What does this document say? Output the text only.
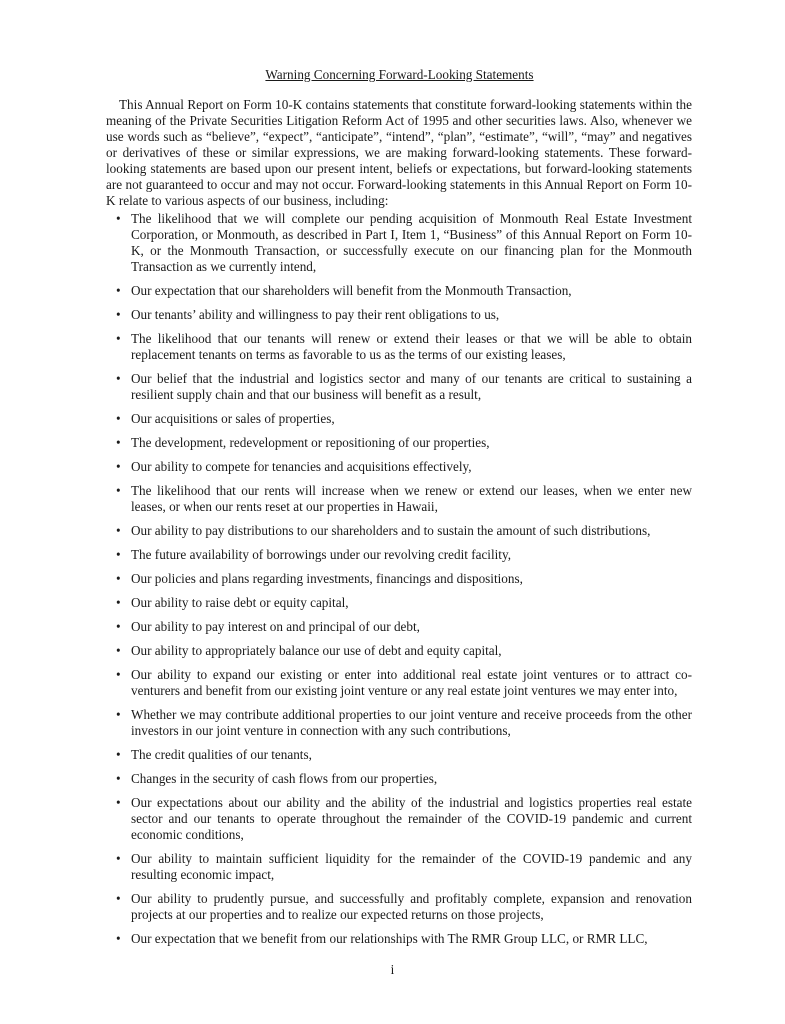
Warning Concerning Forward-Looking Statements

This Annual Report on Form 10-K contains statements that constitute forward-looking statements within the meaning of the Private Securities Litigation Reform Act of 1995 and other securities laws. Also, whenever we use words such as “believe”, “expect”, “anticipate”, “intend”, “plan”, “estimate”, “will”, “may” and negatives or derivatives of these or similar expressions, we are making forward-looking statements. These forward-looking statements are based upon our present intent, beliefs or expectations, but forward-looking statements are not guaranteed to occur and may not occur. Forward-looking statements in this Annual Report on Form 10-K relate to various aspects of our business, including:

• The likelihood that we will complete our pending acquisition of Monmouth Real Estate Investment Corporation, or Monmouth, as described in Part I, Item 1, “Business” of this Annual Report on Form 10-K, or the Monmouth Transaction, or successfully execute on our financing plan for the Monmouth Transaction as we currently intend,
• Our expectation that our shareholders will benefit from the Monmouth Transaction,
• Our tenants’ ability and willingness to pay their rent obligations to us,
• The likelihood that our tenants will renew or extend their leases or that we will be able to obtain replacement tenants on terms as favorable to us as the terms of our existing leases,
• Our belief that the industrial and logistics sector and many of our tenants are critical to sustaining a resilient supply chain and that our business will benefit as a result,
• Our acquisitions or sales of properties,
• The development, redevelopment or repositioning of our properties,
• Our ability to compete for tenancies and acquisitions effectively,
• The likelihood that our rents will increase when we renew or extend our leases, when we enter new leases, or when our rents reset at our properties in Hawaii,
• Our ability to pay distributions to our shareholders and to sustain the amount of such distributions,
• The future availability of borrowings under our revolving credit facility,
• Our policies and plans regarding investments, financings and dispositions,
• Our ability to raise debt or equity capital,
• Our ability to pay interest on and principal of our debt,
• Our ability to appropriately balance our use of debt and equity capital,
• Our ability to expand our existing or enter into additional real estate joint ventures or to attract co-venturers and benefit from our existing joint venture or any real estate joint ventures we may enter into,
• Whether we may contribute additional properties to our joint venture and receive proceeds from the other investors in our joint venture in connection with any such contributions,
• The credit qualities of our tenants,
• Changes in the security of cash flows from our properties,
• Our expectations about our ability and the ability of the industrial and logistics properties real estate sector and our tenants to operate throughout the remainder of the COVID-19 pandemic and current economic conditions,
• Our ability to maintain sufficient liquidity for the remainder of the COVID-19 pandemic and any resulting economic impact,
• Our ability to prudently pursue, and successfully and profitably complete, expansion and renovation projects at our properties and to realize our expected returns on those projects,
• Our expectation that we benefit from our relationships with The RMR Group LLC, or RMR LLC,
i
